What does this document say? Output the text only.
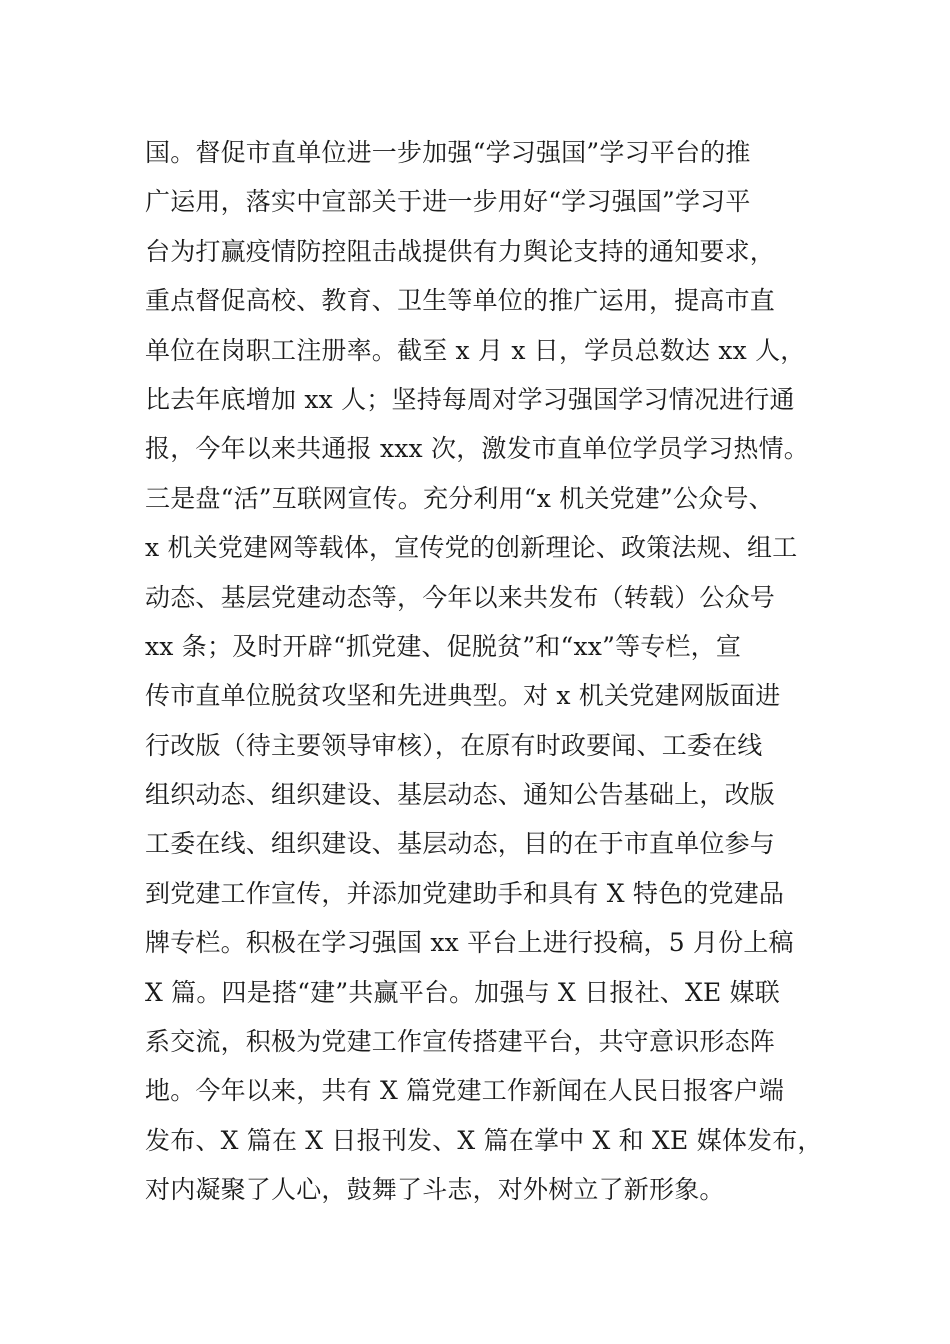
国。督促市直单位进一步加强“学习强国”学习平台的推
广运用，落实中宣部关于进一步用好“学习强国”学习平
台为打赢疫情防控阻击战提供有力舆论支持的通知要求，
重点督促高校、教育、卫生等单位的推广运用，提高市直
单位在岗职工注册率。截至 x 月 x 日，学员总数达 xx 人，
比去年底增加 xx 人；坚持每周对学习强国学习情况进行通
报，今年以来共通报 xxx 次，激发市直单位学员学习热情。
三是盘“活”互联网宣传。充分利用“x 机关党建”公众号、
x 机关党建网等载体，宣传党的创新理论、政策法规、组工
动态、基层党建动态等，今年以来共发布（转载）公众号
xx 条；及时开辟“抓党建、促脱贫”和“xx”等专栏，宣
传市直单位脱贫攻坚和先进典型。对 x 机关党建网版面进
行改版（待主要领导审核），在原有时政要闻、工委在线
组织动态、组织建设、基层动态、通知公告基础上，改版
工委在线、组织建设、基层动态，目的在于市直单位参与
到党建工作宣传，并添加党建助手和具有 X 特色的党建品
牌专栏。积极在学习强国 xx 平台上进行投稿，5 月份上稿
X 篇。四是搭“建”共赢平台。加强与 X 日报社、XE 媒联
系交流，积极为党建工作宣传搭建平台，共守意识形态阵
地。今年以来，共有 X 篇党建工作新闻在人民日报客户端
发布、X 篇在 X 日报刊发、X 篇在掌中 X 和 XE 媒体发布，
对内凝聚了人心，鼓舞了斗志，对外树立了新形象。
